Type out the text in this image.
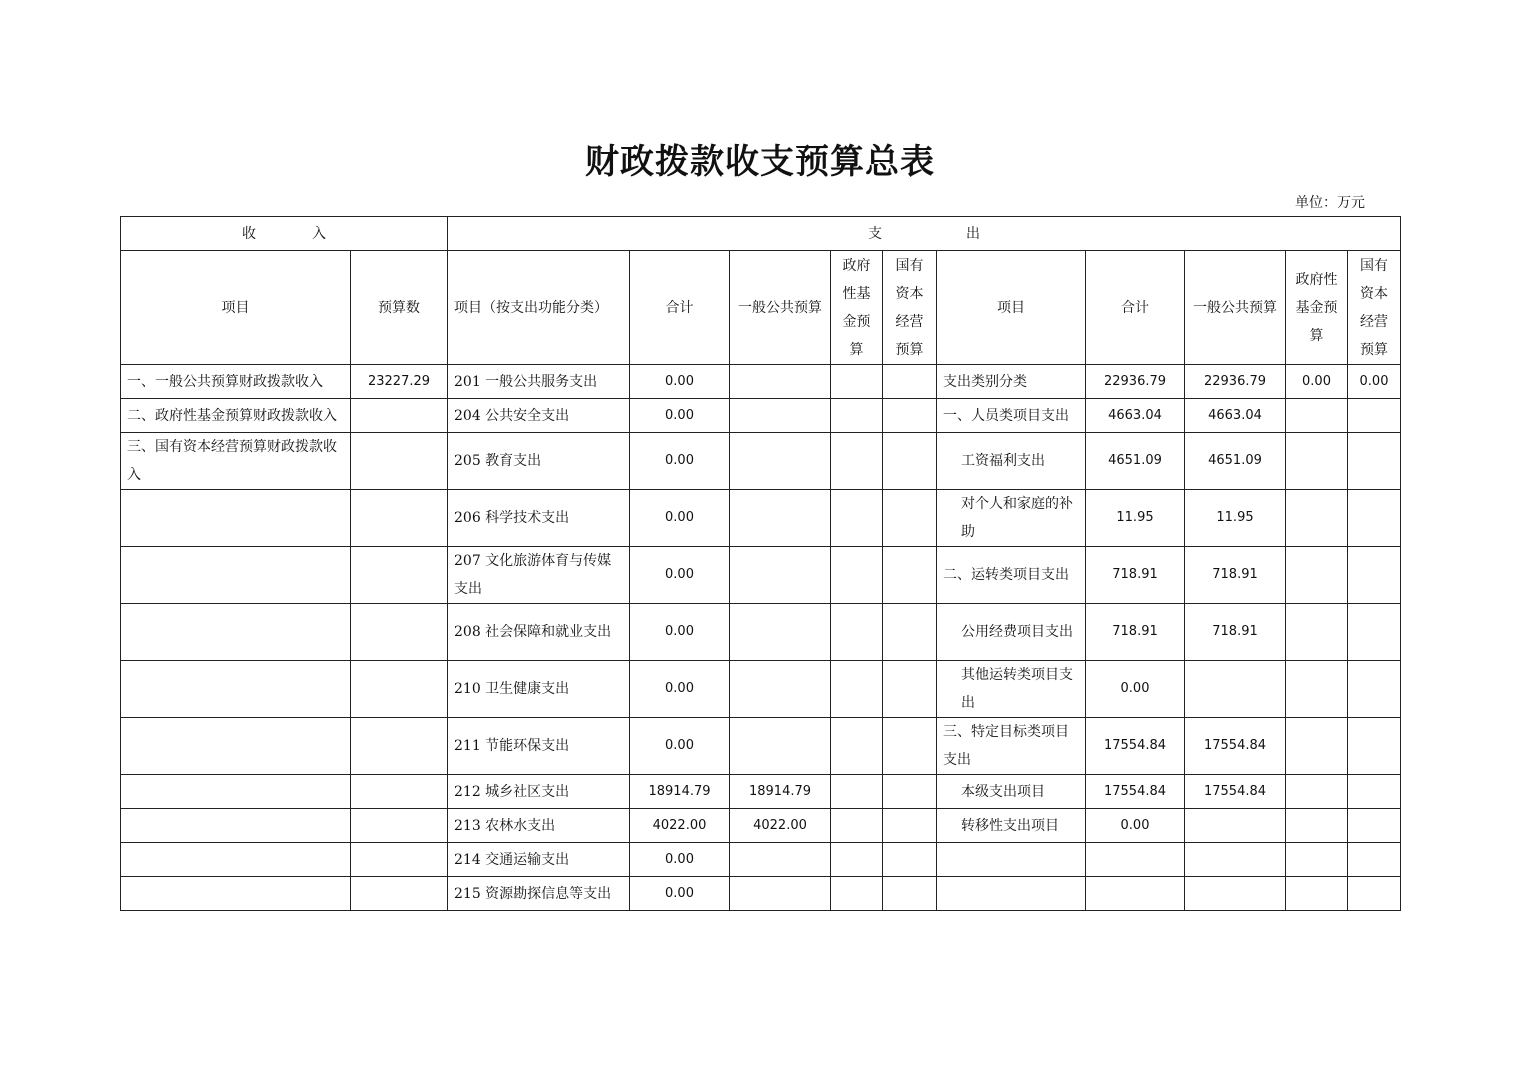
财政拨款收支预算总表
单位：万元
收　　　　入		支　　　　　　出									
项目	预算数	项目（按支出功能分类）	合计	一般公共预算	政府性基金预算	国有资本经营预算	项目	合计	一般公共预算	政府性基金预算	国有资本经营预算
一、一般公共预算财政拨款收入	23227.29	201 一般公共服务支出	0.00				支出类别分类	22936.79	22936.79	0.00	0.00
二、政府性基金预算财政拨款收入		204 公共安全支出	0.00				一、人员类项目支出	4663.04	4663.04		
三、国有资本经营预算财政拨款收入		205 教育支出	0.00				工资福利支出	4651.09	4651.09		
		206 科学技术支出	0.00				对个人和家庭的补助	11.95	11.95		
		207 文化旅游体育与传媒支出	0.00				二、运转类项目支出	718.91	718.91		
		208 社会保障和就业支出	0.00				公用经费项目支出	718.91	718.91		
		210 卫生健康支出	0.00				其他运转类项目支出	0.00			
		211 节能环保支出	0.00				三、特定目标类项目支出	17554.84	17554.84		
		212 城乡社区支出	18914.79	18914.79			本级支出项目	17554.84	17554.84		
		213 农林水支出	4022.00	4022.00			转移性支出项目	0.00			
		214 交通运输支出	0.00								
		215 资源勘探信息等支出	0.00								
